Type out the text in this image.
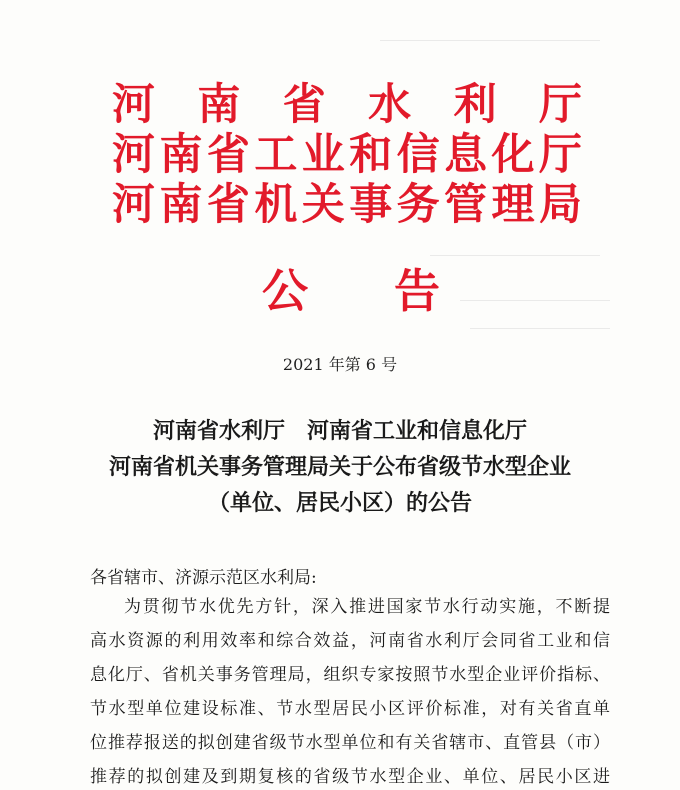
河 南 省 水 利 厅
河 南 省 工 业 和 信 息 化 厅
河 南 省 机 关 事 务 管 理 局
公 告
2021 年第 6 号
河南省水利厅　河南省工业和信息化厅
河南省机关事务管理局关于公布省级节水型企业
（单位、居民小区）的公告
各省辖市、济源示范区水利局:
为贯彻节水优先方针，深入推进国家节水行动实施，不断提
高水资源的利用效率和综合效益，河南省水利厅会同省工业和信
息化厅、省机关事务管理局，组织专家按照节水型企业评价指标、
节水型单位建设标准、节水型居民小区评价标准，对有关省直单
位推荐报送的拟创建省级节水型单位和有关省辖市、直管县（市）
推荐的拟创建及到期复核的省级节水型企业、单位、居民小区进
